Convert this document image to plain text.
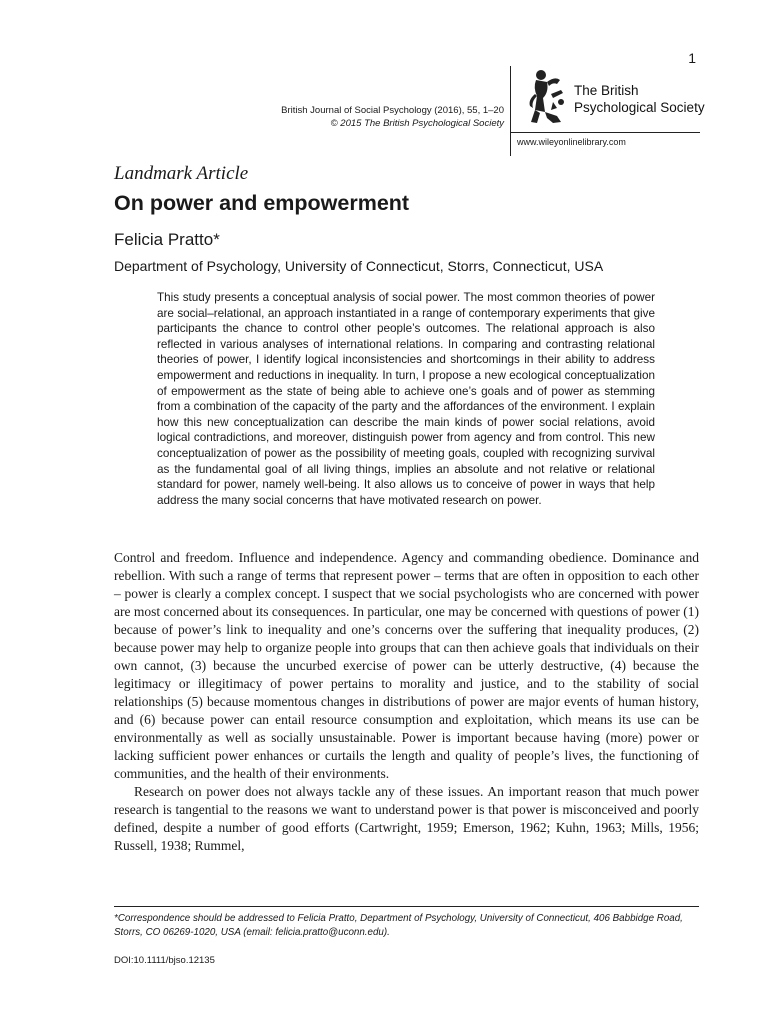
1
British Journal of Social Psychology (2016), 55, 1–20
© 2015 The British Psychological Society
The British
Psychological Society
www.wileyonlinelibrary.com
Landmark Article
On power and empowerment
Felicia Pratto*
Department of Psychology, University of Connecticut, Storrs, Connecticut, USA

This study presents a conceptual analysis of social power. The most common theories of power are social–relational, an approach instantiated in a range of contemporary experiments that give participants the chance to control other people’s outcomes. The relational approach is also reflected in various analyses of international relations. In comparing and contrasting relational theories of power, I identify logical inconsistencies and shortcomings in their ability to address empowerment and reductions in inequality. In turn, I propose a new ecological conceptualization of empowerment as the state of being able to achieve one’s goals and of power as stemming from a combination of the capacity of the party and the affordances of the environment. I explain how this new conceptualization can describe the main kinds of power social relations, avoid logical contradictions, and moreover, distinguish power from agency and from control. This new conceptualization of power as the possibility of meeting goals, coupled with recognizing survival as the fundamental goal of all living things, implies an absolute and not relative or relational standard for power, namely well-being. It also allows us to conceive of power in ways that help address the many social concerns that have motivated research on power.

Control and freedom. Influence and independence. Agency and commanding obedience. Dominance and rebellion. With such a range of terms that represent power – terms that are often in opposition to each other – power is clearly a complex concept. I suspect that we social psychologists who are concerned with power are most concerned about its consequences. In particular, one may be concerned with questions of power (1) because of power’s link to inequality and one’s concerns over the suffering that inequality produces, (2) because power may help to organize people into groups that can then achieve goals that individuals on their own cannot, (3) because the uncurbed exercise of power can be utterly destructive, (4) because the legitimacy or illegitimacy of power pertains to morality and justice, and to the stability of social relationships (5) because momentous changes in distributions of power are major events of human history, and (6) because power can entail resource consumption and exploitation, which means its use can be environmentally as well as socially unsustainable. Power is important because having (more) power or lacking sufficient power enhances or curtails the length and quality of people’s lives, the functioning of communities, and the health of their environments.

Research on power does not always tackle any of these issues. An important reason that much power research is tangential to the reasons we want to understand power is that power is misconceived and poorly defined, despite a number of good efforts (Cartwright, 1959; Emerson, 1962; Kuhn, 1963; Mills, 1956; Russell, 1938; Rummel,

*Correspondence should be addressed to Felicia Pratto, Department of Psychology, University of Connecticut, 406 Babbidge Road, Storrs, CO 06269-1020, USA (email: felicia.pratto@uconn.edu).
DOI:10.1111/bjso.12135
